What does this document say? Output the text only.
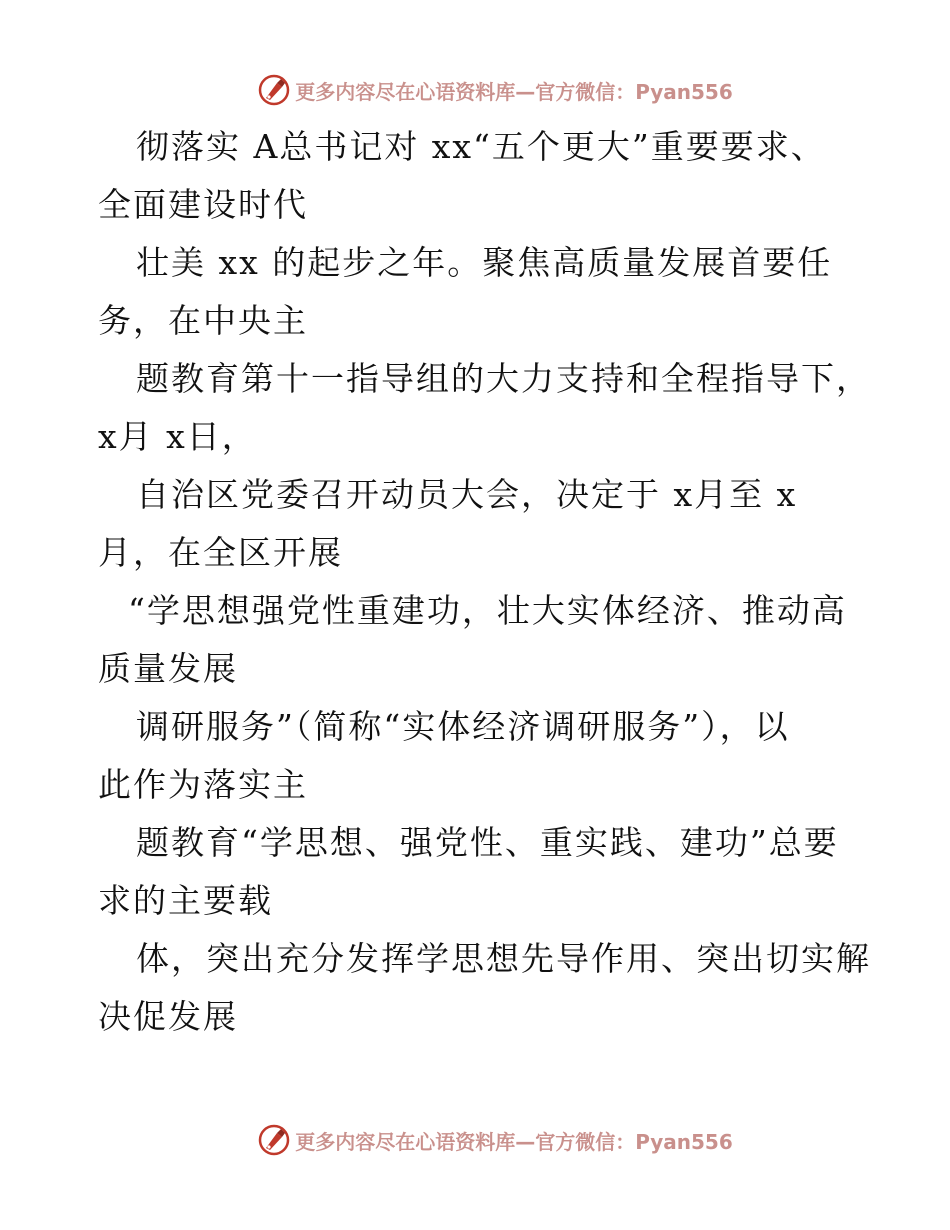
更多内容尽在心语资料库—官方微信：Pyan556
彻落实 A总书记对 xx“五个更大”重要要求、
全面建设时代
壮美 xx 的起步之年。聚焦高质量发展首要任
务，在中央主
题教育第十一指导组的大力支持和全程指导下，
x月 x日，
自治区党委召开动员大会，决定于 x月至 x
月，在全区开展
“学思想强党性重建功，壮大实体经济、推动高
质量发展
调研服务”（简称“实体经济调研服务”），以
此作为落实主
题教育“学思想、强党性、重实践、建功”总要
求的主要载
体，突出充分发挥学思想先导作用、突出切实解
决促发展
更多内容尽在心语资料库—官方微信：Pyan556
